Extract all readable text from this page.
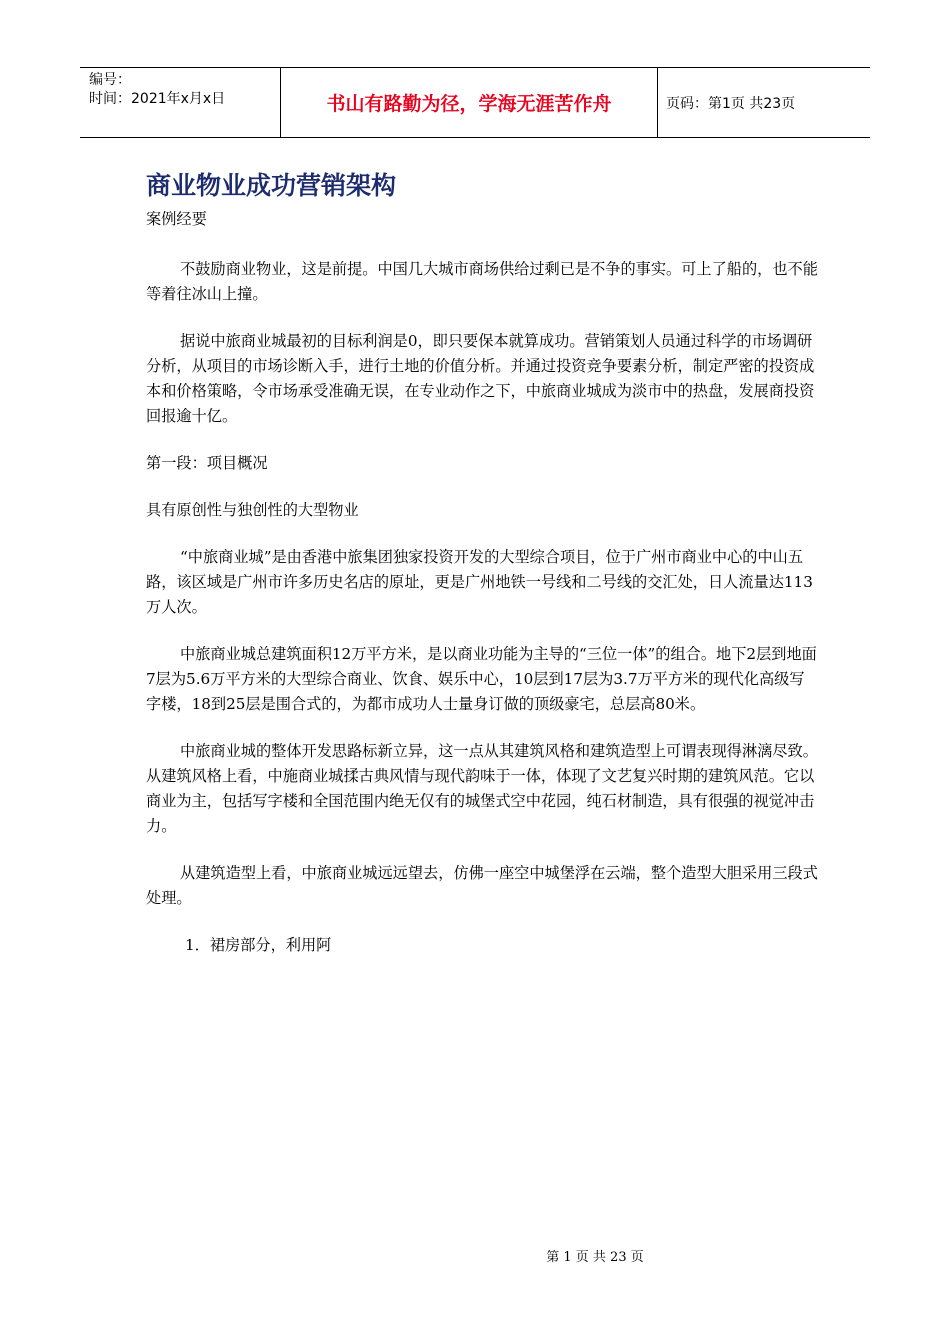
编号：
时间：2021年x月x日	书山有路勤为径，学海无涯苦作舟	页码：第1页 共23页
商业物业成功营销架构

案例经要

不鼓励商业物业，这是前提。中国几大城市商场供给过剩已是不争的事实。可上了船的，也不能等着往冰山上撞。

据说中旅商业城最初的目标利润是0，即只要保本就算成功。营销策划人员通过科学的市场调研分析，从项目的市场诊断入手，进行土地的价值分析。并通过投资竞争要素分析，制定严密的投资成本和价格策略，令市场承受准确无误，在专业动作之下，中旅商业城成为淡市中的热盘，发展商投资回报逾十亿。

第一段：项目概况

具有原创性与独创性的大型物业

“中旅商业城”是由香港中旅集团独家投资开发的大型综合项目，位于广州市商业中心的中山五路，该区域是广州市许多历史名店的原址，更是广州地铁一号线和二号线的交汇处，日人流量达113万人次。

中旅商业城总建筑面积12万平方米，是以商业功能为主导的“三位一体”的组合。地下2层到地面7层为5.6万平方米的大型综合商业、饮食、娱乐中心，10层到17层为3.7万平方米的现代化高级写字楼，18到25层是围合式的，为都市成功人士量身订做的顶级豪宅，总层高80米。

中旅商业城的整体开发思路标新立异，这一点从其建筑风格和建筑造型上可谓表现得淋漓尽致。从建筑风格上看，中施商业城揉古典风情与现代韵味于一体，体现了文艺复兴时期的建筑风范。它以商业为主，包括写字楼和全国范围内绝无仅有的城堡式空中花园，纯石材制造，具有很强的视觉冲击力。

从建筑造型上看，中旅商业城远远望去，仿佛一座空中城堡浮在云端，整个造型大胆采用三段式处理。

1．裙房部分，利用阿

第 1 页 共 23 页
